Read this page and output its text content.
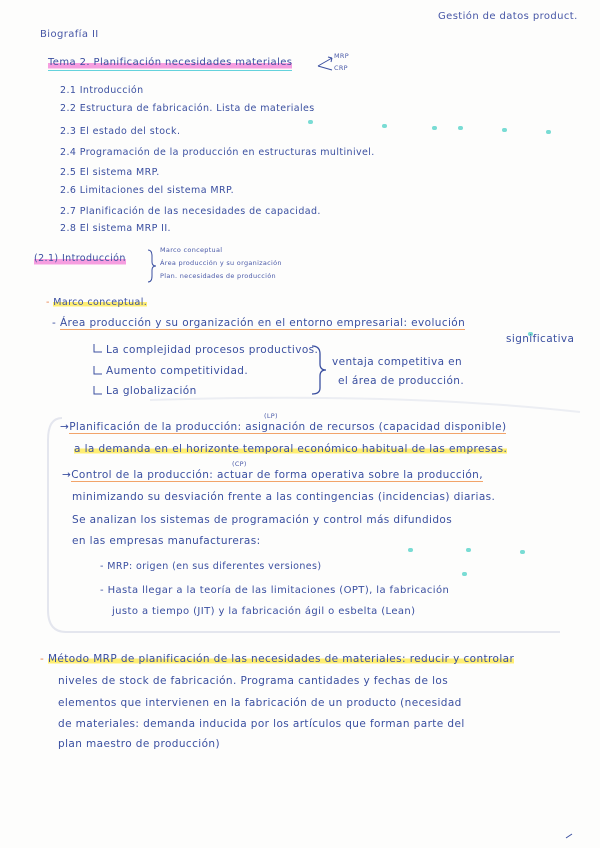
Gestión de datos product.
Biografía II
Tema 2. Planificación necesidades materiales
MRP
CRP
2.1 Introducción
2.2 Estructura de fabricación. Lista de materiales
2.3 El estado del stock.
2.4 Programación de la producción en estructuras multinivel.
2.5 El sistema MRP.
2.6 Limitaciones del sistema MRP.
2.7 Planificación de las necesidades de capacidad.
2.8 El sistema MRP II.
(2.1) Introducción
Marco conceptual
Área producción y su organización
Plan. necesidades de producción
- Marco conceptual.
- Área producción y su organización en el entorno empresarial: evolución
significativa
La complejidad procesos productivos.
Aumento competitividad.
La globalización
ventaja competitiva en
el área de producción.
(LP)
→Planificación de la producción: asignación de recursos (capacidad disponible)
a la demanda en el horizonte temporal económico habitual de las empresas.
(CP)
→Control de la producción: actuar de forma operativa sobre la producción,
minimizando su desviación frente a las contingencias (incidencias) diarias.
Se analizan los sistemas de programación y control más difundidos
en las empresas manufactureras:
- MRP: origen (en sus diferentes versiones)
- Hasta llegar a la teoría de las limitaciones (OPT), la fabricación
justo a tiempo (JIT) y la fabricación ágil o esbelta (Lean)
- Método MRP de planificación de las necesidades de materiales: reducir y controlar
niveles de stock de fabricación. Programa cantidades y fechas de los
elementos que intervienen en la fabricación de un producto (necesidad
de materiales: demanda inducida por los artículos que forman parte del
plan maestro de producción)
